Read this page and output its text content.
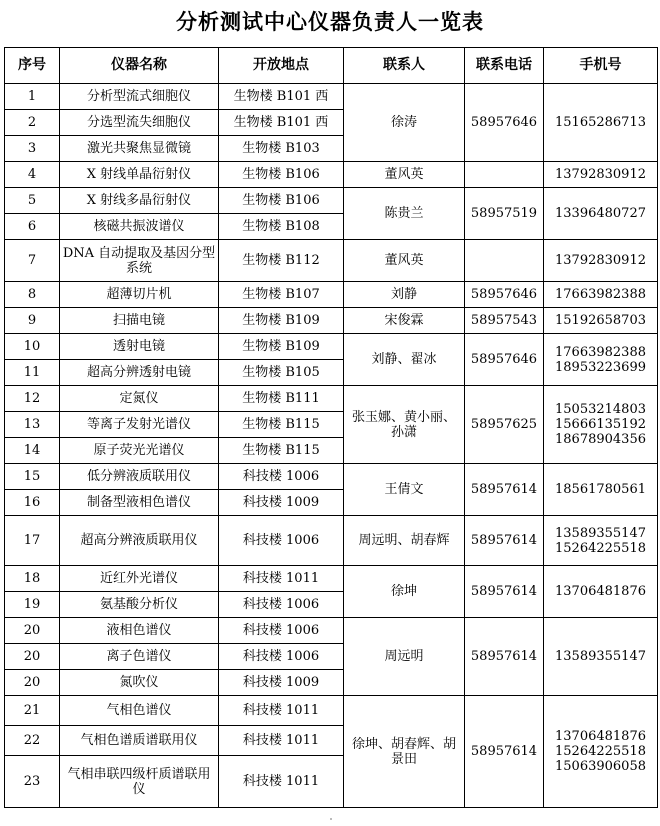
分析测试中心仪器负责人一览表
序号	仪器名称	开放地点	联系人	联系电话	手机号
1	分析型流式细胞仪	生物楼 B101 西	徐涛	58957646	15165286713

2	分选型流失细胞仪	生物楼 B101 西			
3	激光共聚焦显微镜	生物楼 B103			
4	X 射线单晶衍射仪	生物楼 B106	董风英		13792830912

5	X 射线多晶衍射仪	生物楼 B106	陈贵兰	58957519	13396480727

6	核磁共振波谱仪	生物楼 B108			
7	DNA 自动提取及基因分型系统	生物楼 B112	董风英		13792830912

8	超薄切片机	生物楼 B107	刘静	58957646	17663982388

9	扫描电镜	生物楼 B109	宋俊霖	58957543	15192658703

10	透射电镜	生物楼 B109	刘静、翟冰	58957646	17663982388
18953223699

11	超高分辨透射电镜	生物楼 B105			
12	定氮仪	生物楼 B111	张玉娜、黄小丽、孙潇	58957625	15053214803
15666135192
18678904356

13	等离子发射光谱仪	生物楼 B115			
14	原子荧光光谱仪	生物楼 B115			
15	低分辨液质联用仪	科技楼 1006	王倩文	58957614	18561780561

16	制备型液相色谱仪	科技楼 1009			
17	超高分辨液质联用仪	科技楼 1006	周远明、胡春辉	58957614	13589355147
15264225518

18	近红外光谱仪	科技楼 1011	徐坤	58957614	13706481876

19	氨基酸分析仪	科技楼 1006			
20	液相色谱仪	科技楼 1006	周远明	58957614	13589355147

20	离子色谱仪	科技楼 1006			
20	氮吹仪	科技楼 1009			
21	气相色谱仪	科技楼 1011	徐坤、胡春辉、胡景田	58957614	13706481876
15264225518
15063906058

22	气相色谱质谱联用仪	科技楼 1011			
23	气相串联四级杆质谱联用仪	科技楼 1011			
